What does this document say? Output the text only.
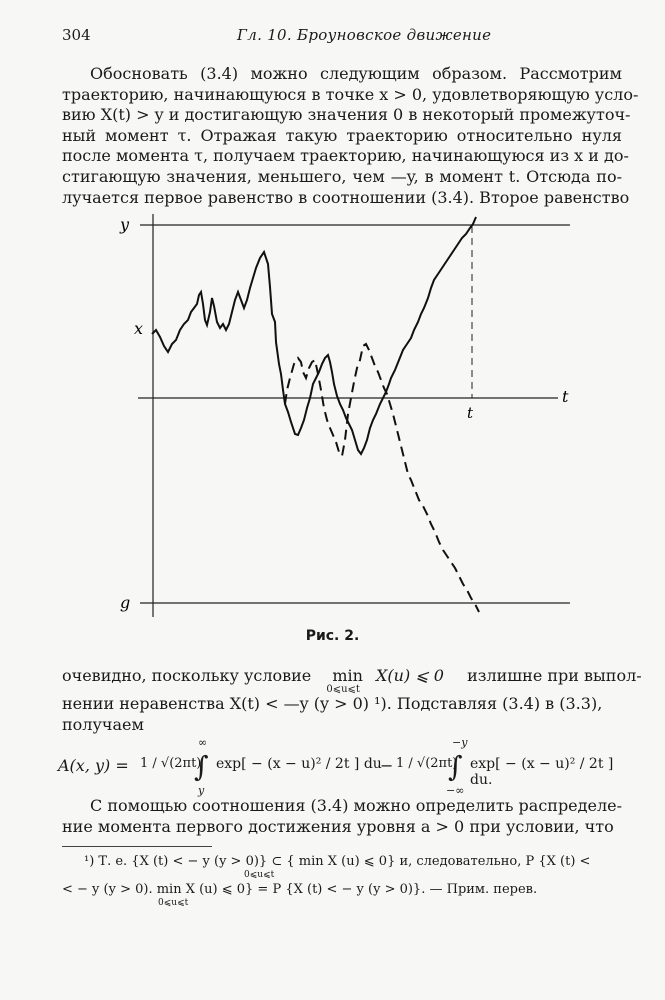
304	Гл. 10. Броуновское движение
Обосновать (3.4) можно следующим образом. Рассмотрим
траекторию, начинающуюся в точке x > 0, удовлетворяющую усло-
вию X(t) > y и достигающую значения 0 в некоторый промежуточ-
ный момент τ. Отражая такую траекторию относительно нуля
после момента τ, получаем траекторию, начинающуюся из x и до-
стигающую значения, меньшего, чем —y, в момент t. Отсюда по-
лучается первое равенство в соотношении (3.4). Второе равенство
y
x
t
t
g
Рис. 2.
очевидно, поскольку условие min
0⩽u⩽t
X(u) ⩽ 0 излишне при выпол-
нении неравенства X(t) < —y (y > 0) ¹). Подставляя (3.4) в (3.3),
получаем
A(x, y) = 1 / √(2πt)
∞
∫
y
exp[ − (x − u)² / 2t ] du
− 1 / √(2πt)
−y
∫
−∞
exp[ − (x − u)² / 2t ] du.
С помощью соотношения (3.4) можно определить распределе-
ние момента первого достижения уровня a > 0 при условии, что
¹) Т. е. {X (t) < − y (y > 0)} ⊂ { min X (u) ⩽ 0} и, следовательно, P {X (t) <
0⩽u⩽t
< − y (y > 0). min X (u) ⩽ 0} = P {X (t) < − y (y > 0)}. — Прим. перев.
0⩽u⩽t
